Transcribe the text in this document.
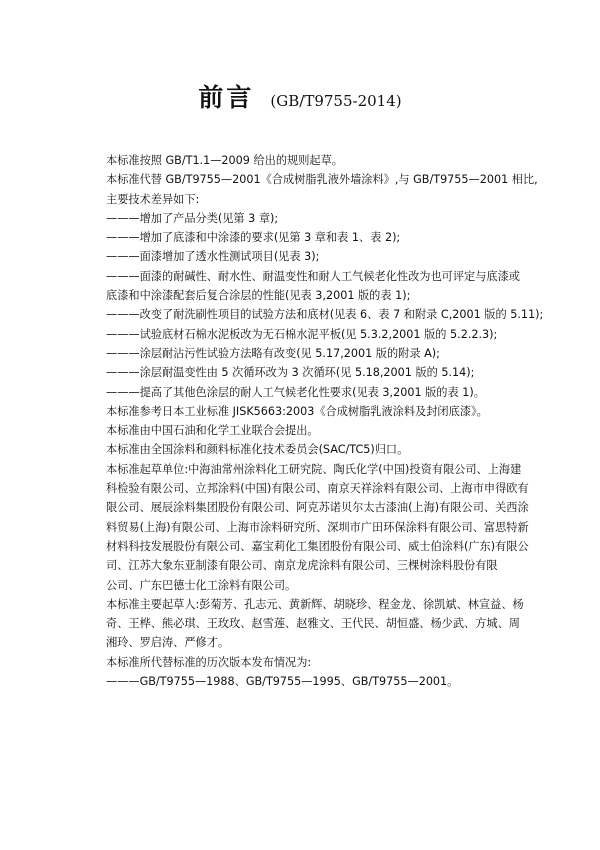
前言 (GB/T9755-2014)

本标准按照 GB/T1.1—2009 给出的规则起草。

本标准代替 GB/T9755—2001《合成树脂乳液外墙涂料》,与 GB/T9755—2001 相比,

主要技术差异如下:

———增加了产品分类(见第 3 章);

———增加了底漆和中涂漆的要求(见第 3 章和表 1、表 2);

———面漆增加了透水性测试项目(见表 3);

———面漆的耐碱性、耐水性、耐温变性和耐人工气候老化性改为也可评定与底漆或

底漆和中涂漆配套后复合涂层的性能(见表 3,2001 版的表 1);

———改变了耐洗刷性项目的试验方法和底材(见表 6、表 7 和附录 C,2001 版的 5.11);

———试验底材石棉水泥板改为无石棉水泥平板(见 5.3.2,2001 版的 5.2.2.3);

———涂层耐沾污性试验方法略有改变(见 5.17,2001 版的附录 A);

———涂层耐温变性由 5 次循环改为 3 次循环(见 5.18,2001 版的 5.14);

———提高了其他色涂层的耐人工气候老化性要求(见表 3,2001 版的表 1)。

本标准参考日本工业标准 JISK5663:2003《合成树脂乳液涂料及封闭底漆》。

本标准由中国石油和化学工业联合会提出。

本标准由全国涂料和颜料标准化技术委员会(SAC/TC5)归口。

本标准起草单位:中海油常州涂料化工研究院、陶氏化学(中国)投资有限公司、上海建

科检验有限公司、立邦涂料(中国)有限公司、南京天祥涂料有限公司、上海市申得欧有

限公司、展辰涂料集团股份有限公司、阿克苏诺贝尔太古漆油(上海)有限公司、关西涂

料贸易(上海)有限公司、上海市涂料研究所、深圳市广田环保涂料有限公司、富思特新

材料科技发展股份有限公司、嘉宝莉化工集团股份有限公司、威士伯涂料(广东)有限公

司、江苏大象东亚制漆有限公司、南京龙虎涂料有限公司、三棵树涂料股份有限

公司、广东巴德士化工涂料有限公司。

本标准主要起草人:彭菊芳、孔志元、黄新辉、胡晓珍、程金龙、徐凯斌、林宣益、杨

奇、王桦、熊必琪、王玫玫、赵雪莲、赵雅文、王代民、胡恒盛、杨少武、方城、周

湘玲、罗启涛、严修才。

本标准所代替标准的历次版本发布情况为:

———GB/T9755—1988、GB/T9755—1995、GB/T9755—2001。
